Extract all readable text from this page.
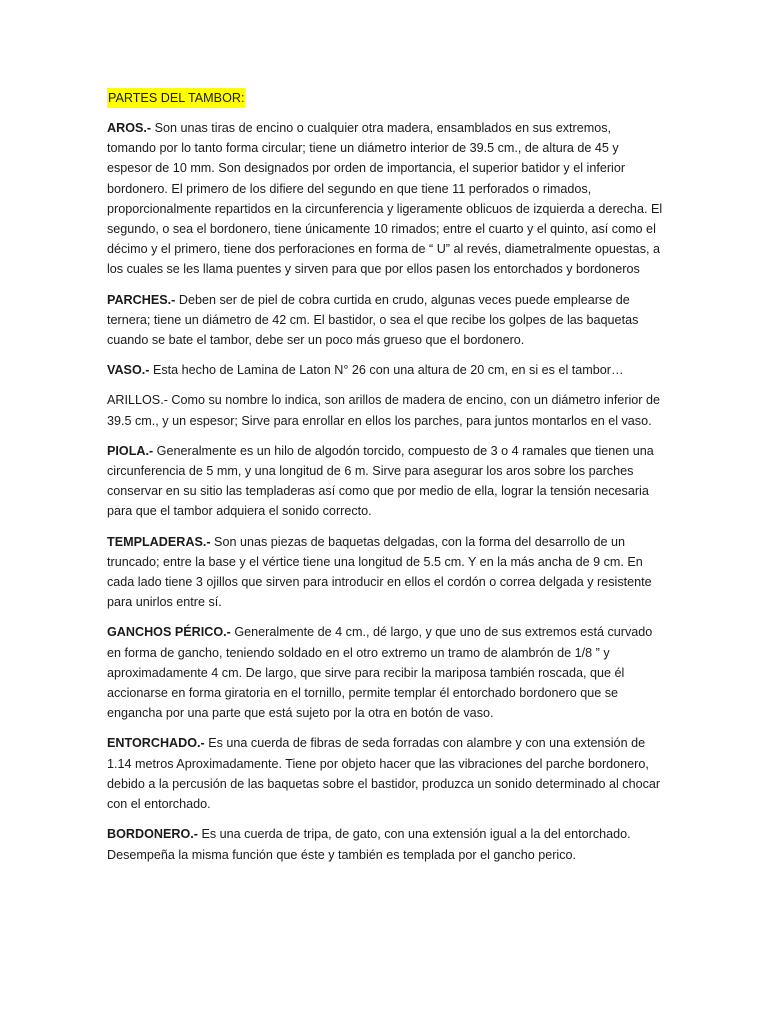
PARTES DEL TAMBOR:

AROS.- Son unas tiras de encino o cualquier otra madera, ensamblados en sus extremos, tomando por lo tanto forma circular; tiene un diámetro interior de 39.5 cm., de altura de 45 y espesor de 10 mm. Son designados por orden de importancia, el superior batidor y el inferior bordonero. El primero de los difiere del segundo en que tiene 11 perforados o rimados, proporcionalmente repartidos en la circunferencia y ligeramente oblicuos de izquierda a derecha. El segundo, o sea el bordonero, tiene únicamente 10 rimados; entre el cuarto y el quinto, así como el décimo y el primero, tiene dos perforaciones en forma de “ U” al revés, diametralmente opuestas, a los cuales se les llama puentes y sirven para que por ellos pasen los entorchados y bordoneros

PARCHES.- Deben ser de piel de cobra curtida en crudo, algunas veces puede emplearse de ternera; tiene un diámetro de 42 cm. El bastidor, o sea el que recibe los golpes de las baquetas cuando se bate el tambor, debe ser un poco más grueso que el bordonero.

VASO.- Esta hecho de Lamina de Laton N° 26 con una altura de 20 cm, en si es el tambor…

ARILLOS.- Como su nombre lo indica, son arillos de madera de encino, con un diámetro inferior de 39.5 cm., y un espesor; Sirve para enrollar en ellos los parches, para juntos montarlos en el vaso.

PIOLA.- Generalmente es un hilo de algodón torcido, compuesto de 3 o 4 ramales que tienen una circunferencia de 5 mm, y una longitud de 6 m. Sirve para asegurar los aros sobre los parches conservar en su sitio las templaderas así como que por medio de ella, lograr la tensión necesaria para que el tambor adquiera el sonido correcto.

TEMPLADERAS.- Son unas piezas de baquetas delgadas, con la forma del desarrollo de un truncado; entre la base y el vértice tiene una longitud de 5.5 cm. Y en la más ancha de 9 cm. En cada lado tiene 3 ojillos que sirven para introducir en ellos el cordón o correa delgada y resistente para unirlos entre sí.

GANCHOS PÉRICO.- Generalmente de 4 cm., dé largo, y que uno de sus extremos está curvado en forma de gancho, teniendo soldado en el otro extremo un tramo de alambrón de 1/8 ” y aproximadamente 4 cm. De largo, que sirve para recibir la mariposa también roscada, que él accionarse en forma giratoria en el tornillo, permite templar él entorchado bordonero que se engancha por una parte que está sujeto por la otra en botón de vaso.

ENTORCHADO.- Es una cuerda de fibras de seda forradas con alambre y con una extensión de 1.14 metros Aproximadamente. Tiene por objeto hacer que las vibraciones del parche bordonero, debido a la percusión de las baquetas sobre el bastidor, produzca un sonido determinado al chocar con el entorchado.

BORDONERO.- Es una cuerda de tripa, de gato, con una extensión igual a la del entorchado. Desempeña la misma función que éste y también es templada por el gancho perico.
